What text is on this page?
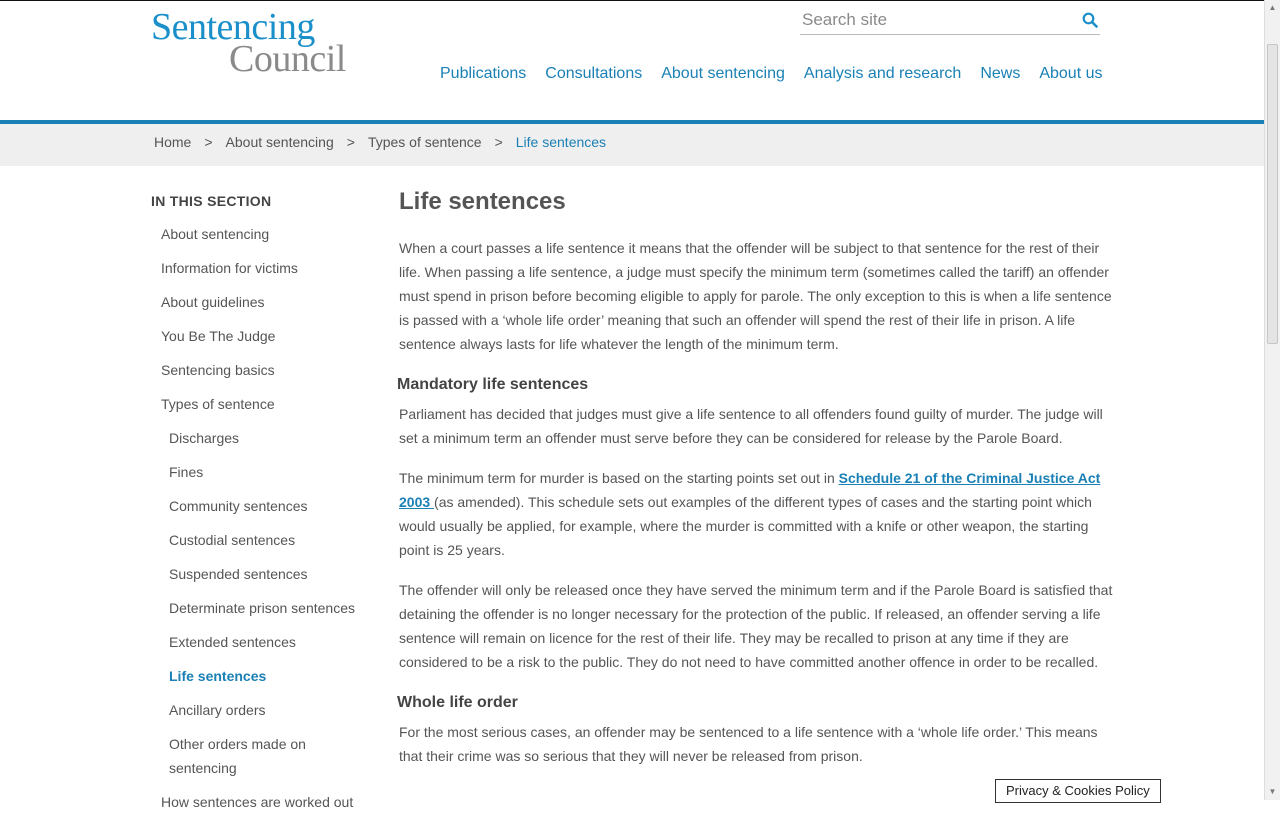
Sentencing
Council
Search site	Publications Consultations About sentencing Analysis and research News About us
Home > About sentencing > Types of sentence > Life sentences
IN THIS SECTION
About sentencing
Information for victims
About guidelines
You Be The Judge
Sentencing basics
Types of sentence
Discharges
Fines
Community sentences
Custodial sentences
Suspended sentences
Determinate prison sentences
Extended sentences
Life sentences
Ancillary orders
Other orders made on sentencing
How sentences are worked out
Life sentences

When a court passes a life sentence it means that the offender will be subject to that sentence for the rest of their life. When passing a life sentence, a judge must specify the minimum term (sometimes called the tariff) an offender must spend in prison before becoming eligible to apply for parole. The only exception to this is when a life sentence is passed with a ‘whole life order’ meaning that such an offender will spend the rest of their life in prison. A life sentence always lasts for life whatever the length of the minimum term.

Mandatory life sentences

Parliament has decided that judges must give a life sentence to all offenders found guilty of murder. The judge will set a minimum term an offender must serve before they can be considered for release by the Parole Board.

The minimum term for murder is based on the starting points set out in Schedule 21 of the Criminal Justice Act 2003 (as amended). This schedule sets out examples of the different types of cases and the starting point which would usually be applied, for example, where the murder is committed with a knife or other weapon, the starting point is 25 years.

The offender will only be released once they have served the minimum term and if the Parole Board is satisfied that detaining the offender is no longer necessary for the protection of the public. If released, an offender serving a life sentence will remain on licence for the rest of their life. They may be recalled to prison at any time if they are considered to be a risk to the public. They do not need to have committed another offence in order to be recalled.

Whole life order

For the most serious cases, an offender may be sentenced to a life sentence with a ‘whole life order.’ This means that their crime was so serious that they will never be released from prison.

Privacy & Cookies Policy
▲
▼
